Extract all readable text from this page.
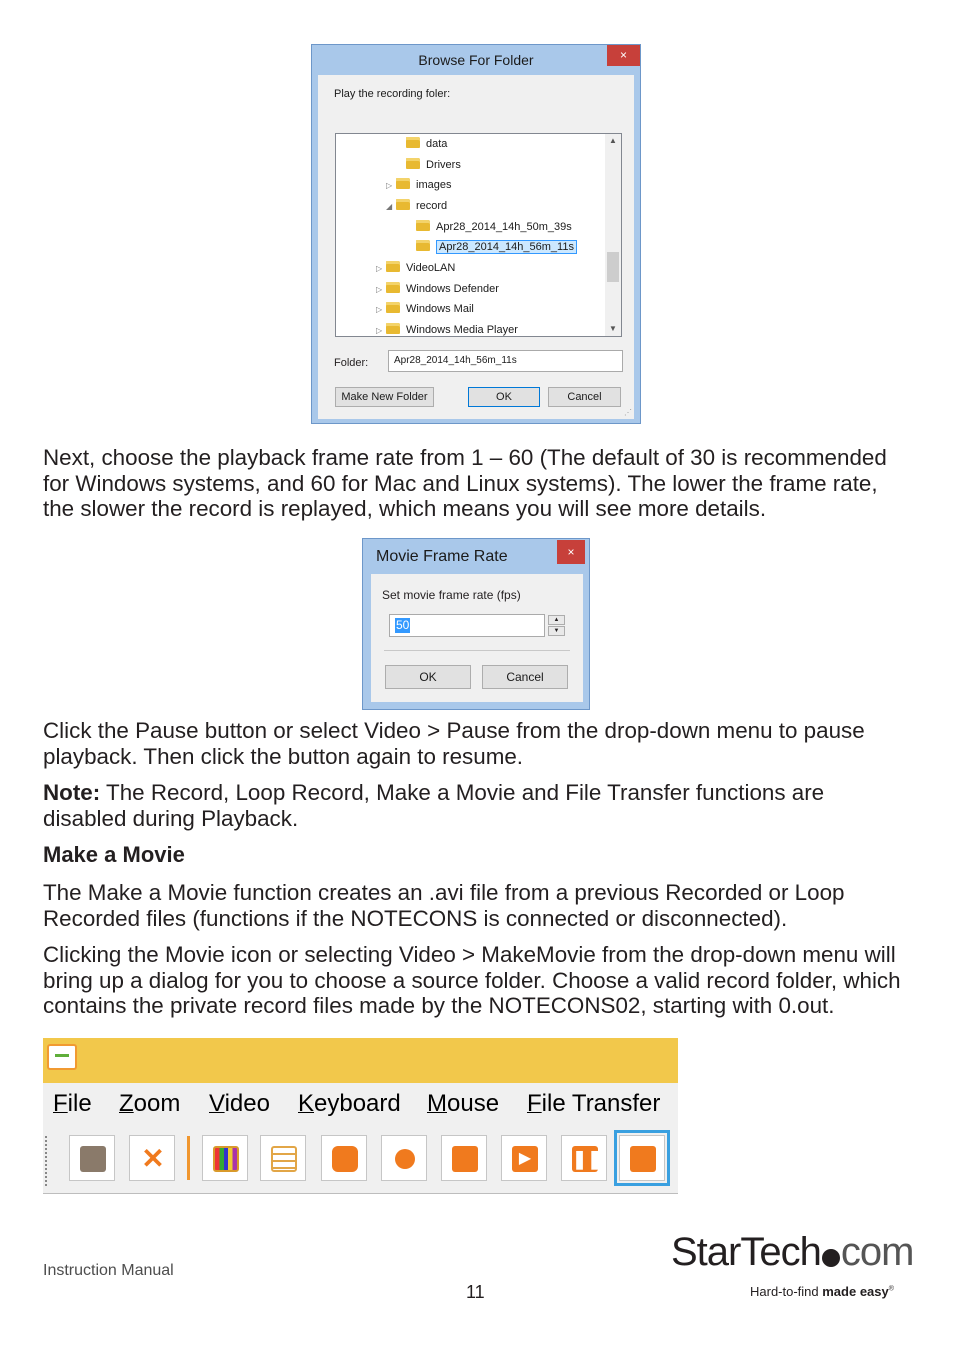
Browse For Folder	×
Play the recording foler:
data
Drivers
▷ images
◢ record
Apr28_2014_14h_50m_39s
Apr28_2014_14h_56m_11s
▷ VideoLAN
▷ Windows Defender
▷ Windows Mail
▷ Windows Media Player
▲
▼
Folder:	Apr28_2014_14h_56m_11s
Make New Folder	OK	Cancel
⋰
Next, choose the playback frame rate from 1 – 60 (The default of 30 is recommended for Windows systems, and 60 for Mac and Linux systems). The lower the frame rate, the slower the record is replayed, which means you will see more details.
Movie Frame Rate	×
Set movie frame rate (fps)
50	▲
▼
OK	Cancel
Click the Pause button or select Video > Pause from the drop-down menu to pause playback. Then click the button again to resume.
Note: The Record, Loop Record, Make a Movie and File Transfer functions are disabled during Playback.
Make a Movie
The Make a Movie function creates an .avi file from a previous Recorded or Loop Recorded files (functions if the NOTECONS is connected or disconnected).
Clicking the Movie icon or selecting Video > MakeMovie from the drop-down menu will bring up a dialog for you to choose a source folder. Choose a valid record folder, which contains the private record files made by the NOTECONS02, starting with 0.out.
File Zoom Video Keyboard Mouse File Transfer
✕	▶	❚❚
Instruction Manual
11
StarTech com
Hard-to-find made easy®
